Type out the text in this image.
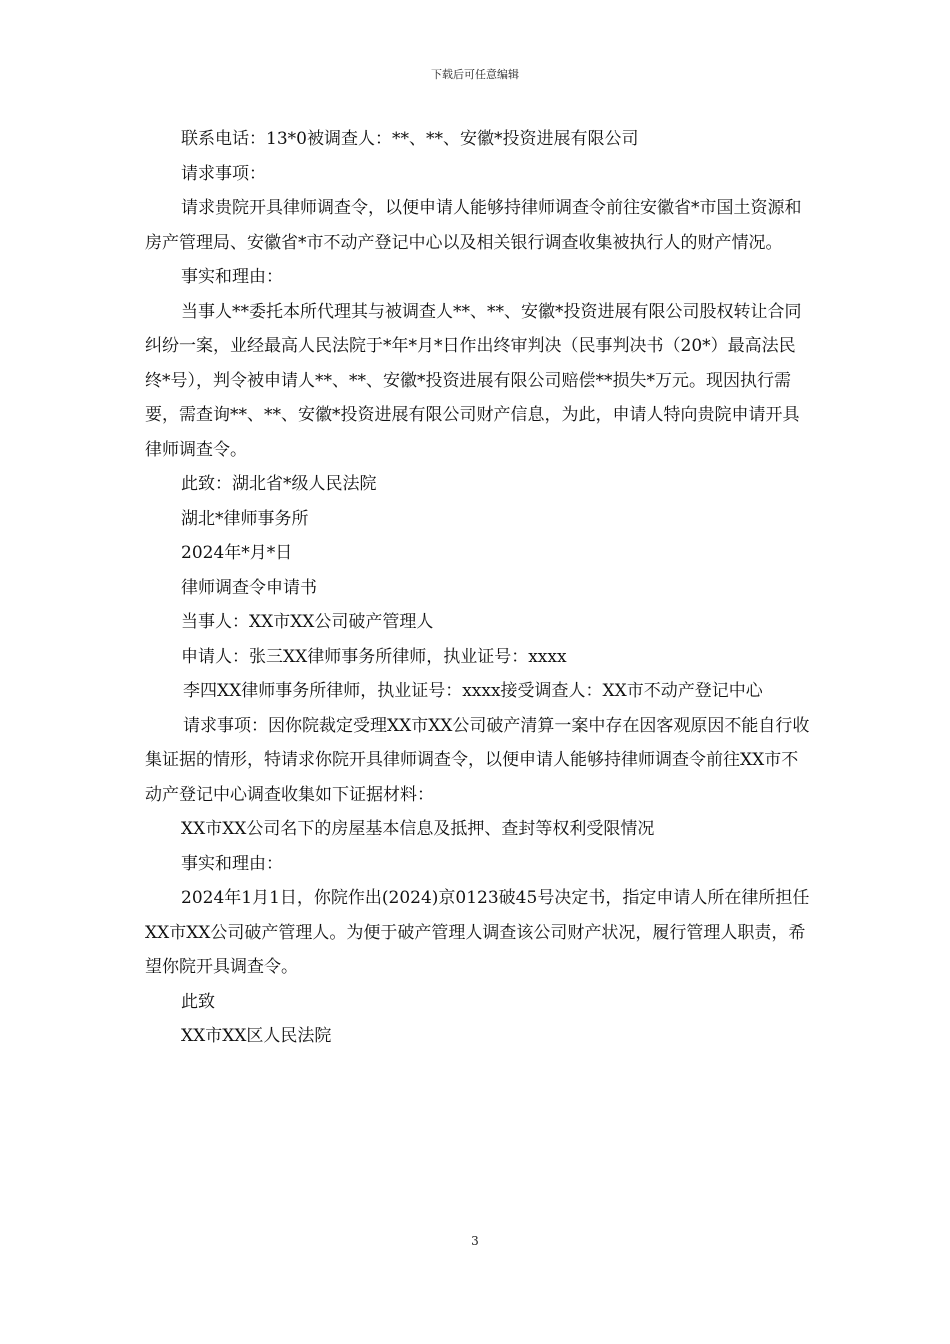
下载后可任意编辑

联系电话：13*0被调查人：**、**、安徽*投资进展有限公司

请求事项：

请求贵院开具律师调查令，以便申请人能够持律师调查令前往安徽省*市国土资源和房产管理局、安徽省*市不动产登记中心以及相关银行调查收集被执行人的财产情况。

事实和理由：

当事人**委托本所代理其与被调查人**、**、安徽*投资进展有限公司股权转让合同纠纷一案，业经最高人民法院于*年*月*日作出终审判决（民事判决书（20*）最高法民终*号），判令被申请人**、**、安徽*投资进展有限公司赔偿**损失*万元。现因执行需要，需查询**、**、安徽*投资进展有限公司财产信息，为此，申请人特向贵院申请开具律师调查令。

此致：湖北省*级人民法院

湖北*律师事务所

2024年*月*日

律师调查令申请书

当事人：XX市XX公司破产管理人

申请人：张三XX律师事务所律师，执业证号：xxxx

李四XX律师事务所律师，执业证号：xxxx接受调查人：XX市不动产登记中心

请求事项：因你院裁定受理XX市XX公司破产清算一案中存在因客观原因不能自行收集证据的情形，特请求你院开具律师调查令，以便申请人能够持律师调查令前往XX市不动产登记中心调查收集如下证据材料：

XX市XX公司名下的房屋基本信息及抵押、查封等权利受限情况

事实和理由：

2024年1月1日，你院作出(2024)京0123破45号决定书，指定申请人所在律所担任XX市XX公司破产管理人。为便于破产管理人调查该公司财产状况，履行管理人职责，希望你院开具调查令。

此致

XX市XX区人民法院

3
